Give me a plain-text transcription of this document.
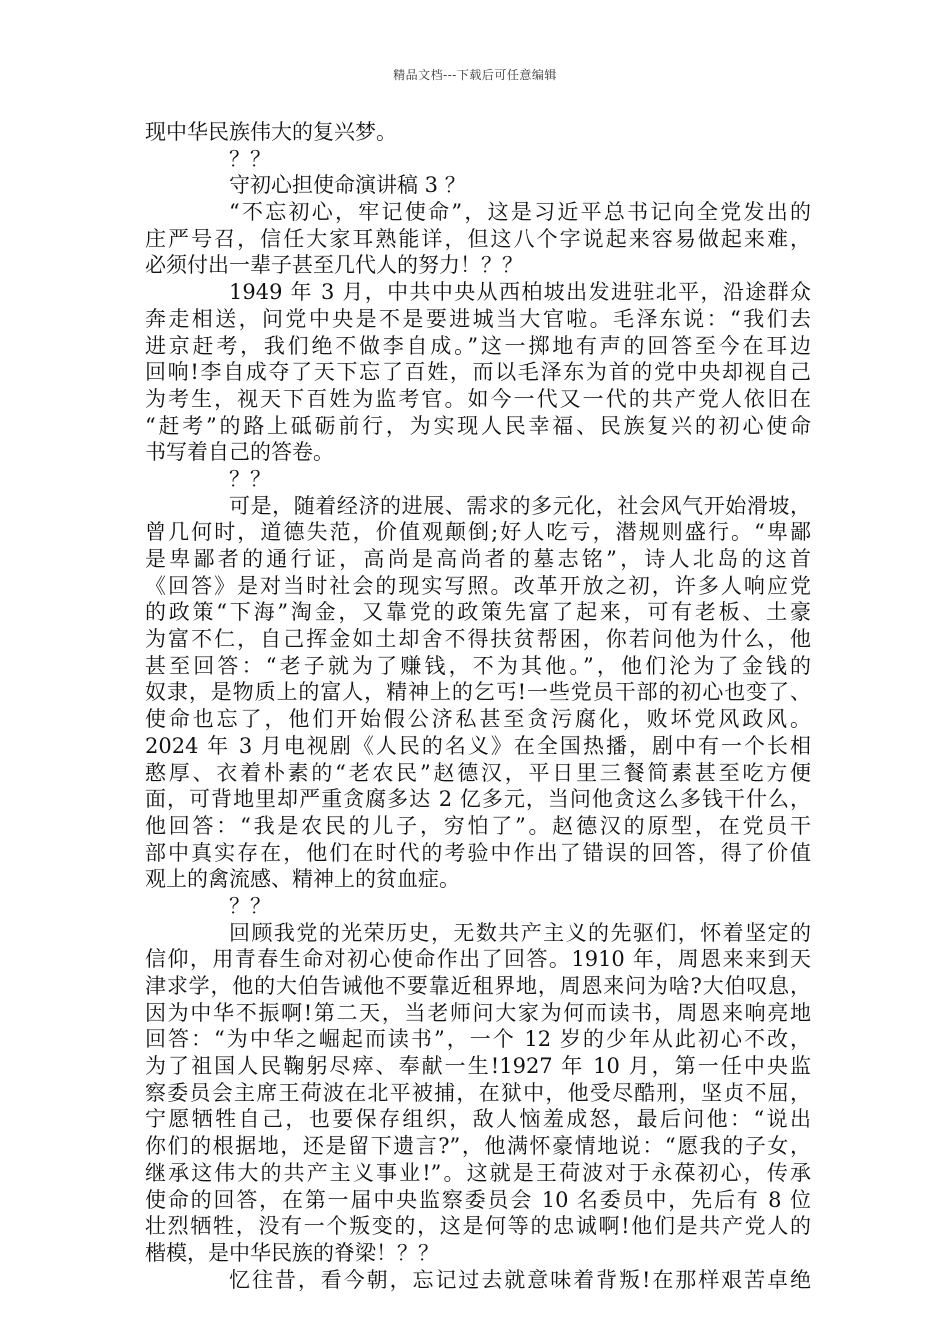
精品文档---下载后可任意编辑
现中华民族伟大的复兴梦。
？？
守初心担使命演讲稿 3 ？
“不忘初心，牢记使命”，这是习近平总书记向全党发出的
庄严号召，信任大家耳熟能详，但这八个字说起来容易做起来难，
必须付出一辈子甚至几代人的努力！？？
1949 年 3 月，中共中央从西柏坡出发进驻北平，沿途群众
奔走相送，问党中央是不是要进城当大官啦。毛泽东说：“我们去
进京赶考，我们绝不做李自成。”这一掷地有声的回答至今在耳边
回响!李自成夺了天下忘了百姓，而以毛泽东为首的党中央却视自己
为考生，视天下百姓为监考官。如今一代又一代的共产党人依旧在
“赶考”的路上砥砺前行，为实现人民幸福、民族复兴的初心使命
书写着自己的答卷。
？？
可是，随着经济的进展、需求的多元化，社会风气开始滑坡，
曾几何时，道德失范，价值观颠倒;好人吃亏，潜规则盛行。“卑鄙
是卑鄙者的通行证，高尚是高尚者的墓志铭”，诗人北岛的这首
《回答》是对当时社会的现实写照。改革开放之初，许多人响应党
的政策“下海”淘金，又靠党的政策先富了起来，可有老板、土豪
为富不仁，自己挥金如土却舍不得扶贫帮困，你若问他为什么，他
甚至回答：“老子就为了赚钱，不为其他。”，他们沦为了金钱的
奴隶，是物质上的富人，精神上的乞丐!一些党员干部的初心也变了、
使命也忘了，他们开始假公济私甚至贪污腐化，败坏党风政风。
2024 年 3 月电视剧《人民的名义》在全国热播，剧中有一个长相
憨厚、衣着朴素的“老农民”赵德汉，平日里三餐简素甚至吃方便
面，可背地里却严重贪腐多达 2 亿多元，当问他贪这么多钱干什么，
他回答：“我是农民的儿子，穷怕了”。赵德汉的原型，在党员干
部中真实存在，他们在时代的考验中作出了错误的回答，得了价值
观上的禽流感、精神上的贫血症。
？？
回顾我党的光荣历史，无数共产主义的先驱们，怀着坚定的
信仰，用青春生命对初心使命作出了回答。1910 年，周恩来来到天
津求学，他的大伯告诫他不要靠近租界地，周恩来问为啥?大伯叹息，
因为中华不振啊!第二天，当老师问大家为何而读书，周恩来响亮地
回答：“为中华之崛起而读书”，一个 12 岁的少年从此初心不改，
为了祖国人民鞠躬尽瘁、奉献一生!1927 年 10 月，第一任中央监
察委员会主席王荷波在北平被捕，在狱中，他受尽酷刑，坚贞不屈，
宁愿牺牲自己，也要保存组织，敌人恼羞成怒，最后问他：“说出
你们的根据地，还是留下遗言?”，他满怀豪情地说：“愿我的子女，
继承这伟大的共产主义事业!”。这就是王荷波对于永葆初心，传承
使命的回答，在第一届中央监察委员会 10 名委员中，先后有 8 位
壮烈牺牲，没有一个叛变的，这是何等的忠诚啊!他们是共产党人的
楷模，是中华民族的脊梁！？？
忆往昔，看今朝，忘记过去就意味着背叛!在那样艰苦卓绝
